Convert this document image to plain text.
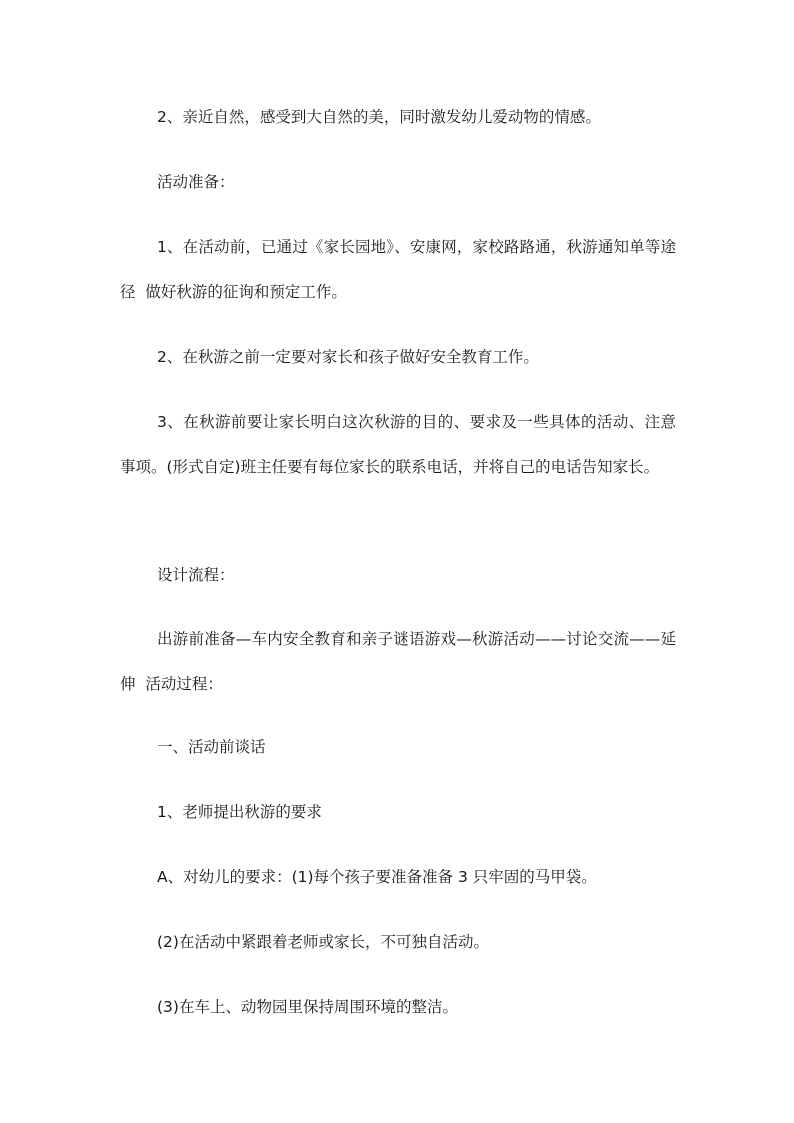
2、亲近自然，感受到大自然的美，同时激发幼儿爱动物的情感。

活动准备：

1、在活动前，已通过《家长园地》、安康网，家校路路通，秋游通知单等途径  做好秋游的征询和预定工作。

2、在秋游之前一定要对家长和孩子做好安全教育工作。

3、在秋游前要让家长明白这次秋游的目的、要求及一些具体的活动、注意事项。(形式自定)班主任要有每位家长的联系电话，并将自己的电话告知家长。

设计流程：

出游前准备—车内安全教育和亲子谜语游戏—秋游活动——讨论交流——延伸  活动过程：

一、活动前谈话

1、老师提出秋游的要求

A、对幼儿的要求：(1)每个孩子要准备准备 3 只牢固的马甲袋。

(2)在活动中紧跟着老师或家长，不可独自活动。

(3)在车上、动物园里保持周围环境的整洁。
